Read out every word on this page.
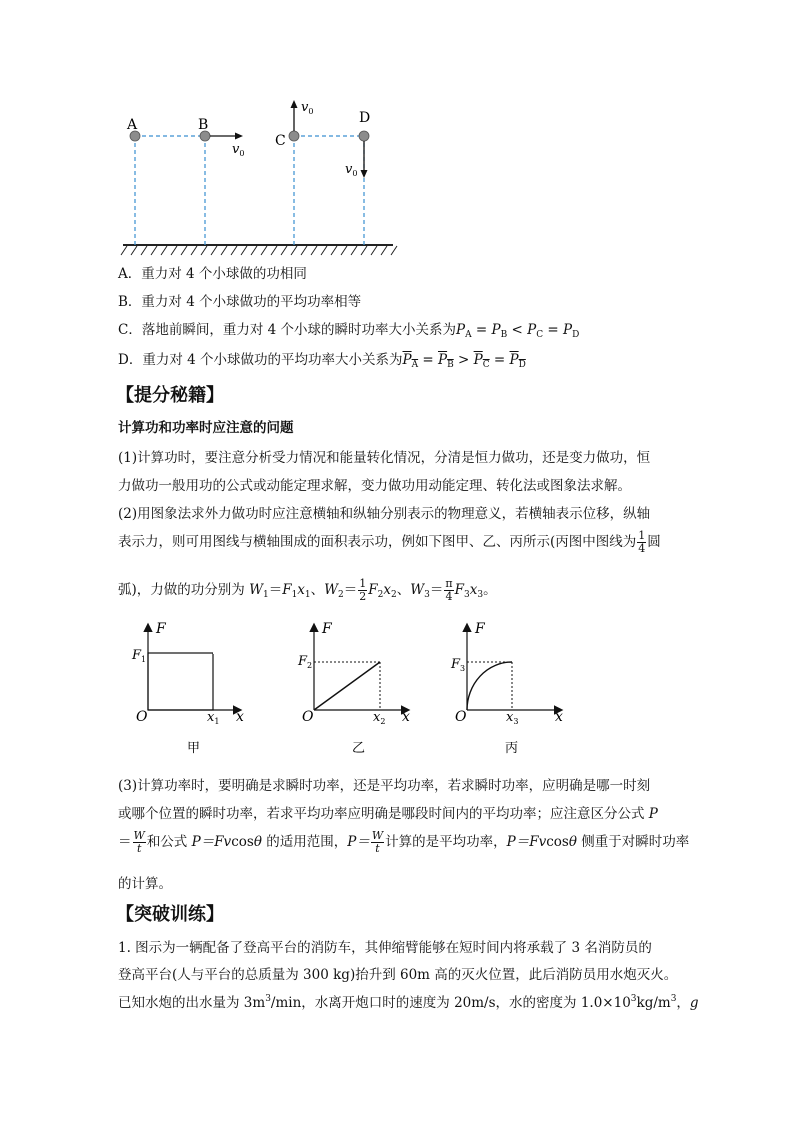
A	B
C
D
$v_0$
$v_0$
$v_0$
A．重力对 4 个小球做的功相同
B．重力对 4 个小球做功的平均功率相等
C．落地前瞬间，重力对 4 个小球的瞬时功率大小关系为$P_A = P_B < P_C = P_D$
D．重力对 4 个小球做功的平均功率大小关系为$P_A = P_B > P_C = P_D$
【提分秘籍】
计算功和功率时应注意的问题
(1)计算功时，要注意分析受力情况和能量转化情况，分清是恒力做功，还是变力做功，恒
力做功一般用功的公式或动能定理求解，变力做功用动能定理、转化法或图象法求解。
(2)用图象法求外力做功时应注意横轴和纵轴分别表示的物理意义，若横轴表示位移，纵轴
表示力，则可用图线与横轴围成的面积表示功，例如下图甲、乙、丙所示(丙图中图线为 $\frac{1}{4}$ 圆
弧)，力做的功分别为 $W_1=F_1x_1$、$W_2= \frac{1}{2} F_2x_2$、$W_3= \frac{\pi}{4} F_3x_3$。
F
x
O
$F_1$
$x_1$
甲
F
x
O
$F_2$
$x_2$
乙
F
x
O
$F_3$
$x_3$
丙
(3)计算功率时，要明确是求瞬时功率，还是平均功率，若求瞬时功率，应明确是哪一时刻
或哪个位置的瞬时功率，若求平均功率应明确是哪段时间内的平均功率；应注意区分公式 P
＝ $\frac{W}{t}$ 和公式 P＝Fvcosθ 的适用范围，$P= \frac{W}{t}$ 计算的是平均功率，P＝Fvcosθ 侧重于对瞬时功率
的计算。
【突破训练】
1. 图示为一辆配备了登高平台的消防车，其伸缩臂能够在短时间内将承载了 3 名消防员的
登高平台(人与平台的总质量为 300 kg)抬升到 60m 高的灭火位置，此后消防员用水炮灭火。
已知水炮的出水量为 $3m^3/\min$，水离开炮口时的速度为 20m/s，水的密度为 $1.0\times 10^3kg/m^3$，g
